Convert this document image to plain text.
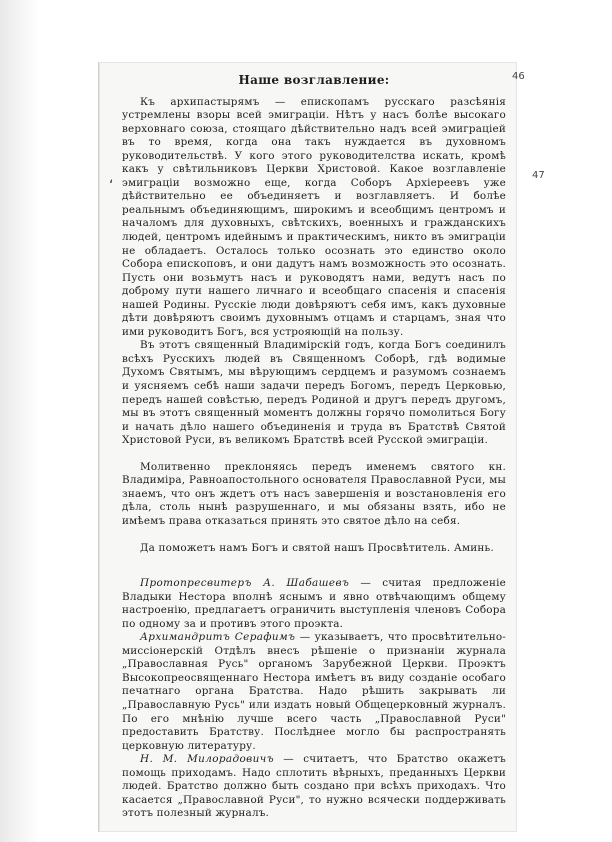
46
47
‘
Наше возглавление:

Къ архипастырямъ — епископамъ русскаго разсѣянія устремлены взоры всей эмиграціи. Нѣтъ у насъ болѣе высокаго верховнаго союза, стоящаго дѣйствительно надъ всей эмиграціей въ то время, когда она такъ нуждается въ духовномъ руководительствѣ. У кого этого руководителства искать, кромѣ какъ у свѣтильниковъ Церкви Христовой. Какое возглавленіе эмиграціи возможно еще, когда Соборъ Архіереевъ уже дѣйствительно ее объединяетъ и возглавляетъ. И болѣе реальнымъ объединяющимъ, широкимъ и всеобщимъ центромъ и началомъ для духовныхъ, свѣтскихъ, военныхъ и гражданскихъ людей, центромъ идейнымъ и практическимъ, никто въ эмиграціи не обладаетъ. Осталось только осознать это единство около Собора епископовъ, и они дадутъ намъ возможность это осознать. Пусть они возьмутъ насъ и руководятъ нами, ведутъ насъ по доброму пути нашего личнаго и всеобщаго спасенія и спасенія нашей Родины. Русскіе люди довѣряютъ себя имъ, какъ духовные дѣти довѣряютъ своимъ духовнымъ отцамъ и старцамъ, зная что ими руководитъ Богъ, вся устрояющій на пользу.

Въ этотъ священный Владимірскій годъ, когда Богъ соединилъ всѣхъ Русскихъ людей въ Священномъ Соборѣ, гдѣ водимые Духомъ Святымъ, мы вѣрующимъ сердцемъ и разумомъ сознаемъ и уясняемъ себѣ наши задачи передъ Богомъ, передъ Церковью, передъ нашей совѣстью, передъ Родиной и другъ передъ другомъ, мы въ этотъ священный моментъ должны горячо помолиться Богу и начать дѣло нашего объединенія и труда въ Братствѣ Святой Христовой Руси, въ великомъ Братствѣ всей Русской эмиграціи.

Молитвенно преклоняясь передъ именемъ святого кн. Владиміра, Равноапостольного основателя Православной Руси, мы знаемъ, что онъ ждетъ отъ насъ завершенія и возстановленія его дѣла, столь нынѣ разрушеннаго, и мы обязаны взять, ибо не имѣемъ права отказаться принять это святое дѣло на себя.

Да поможетъ намъ Богъ и святой нашъ Просвѣтитель. Аминь.

Протопресвитеръ А. Шабашевъ — считая предложеніе Владыки Нестора вполнѣ яснымъ и явно отвѣчающимъ общему настроенію, предлагаетъ ограничить выступленія членовъ Собора по одному за и противъ этого проэкта.

Архимандритъ Серафимъ — указываетъ, что просвѣтительно-миссіонерскій Отдѣлъ внесъ рѣшеніе о признаніи журнала „Православная Русь" органомъ Зарубежной Церкви. Проэктъ Высокопреосвященнаго Нестора имѣетъ въ виду созданіе особаго печатнаго органа Братства. Надо рѣшить закрывать ли „Православную Русь" или издать новый Общецерковный журналъ. По его мнѣнію лучше всего часть „Православной Руси" предоставить Братству. Послѣднее могло бы распространять церковную литературу.

Н. М. Милорадовичъ — считаетъ, что Братство окажетъ помощь приходамъ. Надо сплотить вѣрныхъ, преданныхъ Церкви людей. Братство должно быть создано при всѣхъ приходахъ. Что касается „Православной Руси", то нужно всячески поддерживать этотъ полезный журналъ.
